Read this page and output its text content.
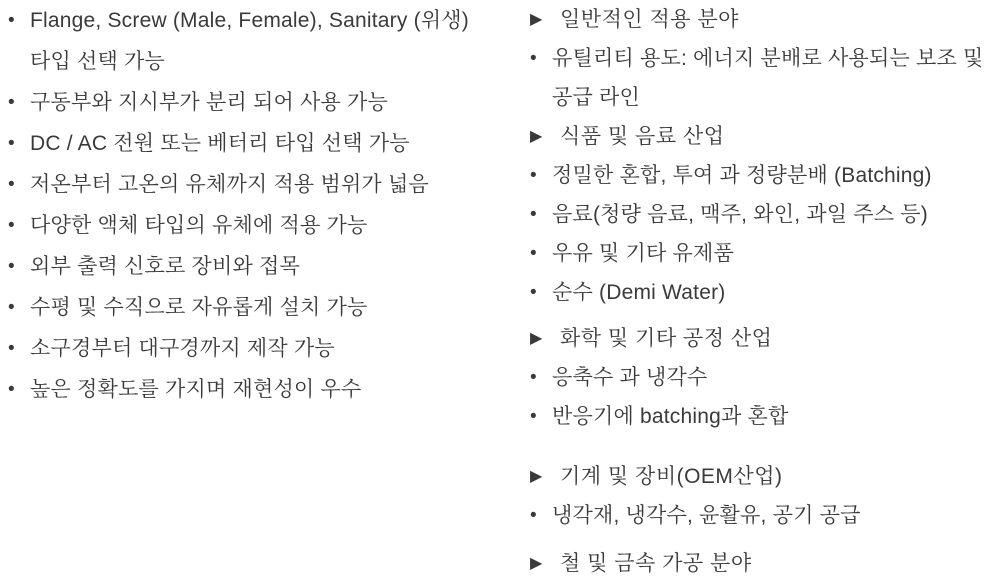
• Flange, Screw (Male, Female), Sanitary (위생)
타입 선택 가능
• 구동부와 지시부가 분리 되어 사용 가능
• DC / AC 전원 또는 베터리 타입 선택 가능
• 저온부터 고온의 유체까지 적용 범위가 넓음
• 다양한 액체 타입의 유체에 적용 가능
• 외부 출력 신호로 장비와 접목
• 수평 및 수직으로 자유롭게 설치 가능
• 소구경부터 대구경까지 제작 가능
• 높은 정확도를 가지며 재현성이 우수
▶ 일반적인 적용 분야
• 유틸리티 용도: 에너지 분배로 사용되는 보조 및
공급 라인
▶ 식품 및 음료 산업
• 정밀한 혼합, 투여 과 정량분배 (Batching)
• 음료(청량 음료, 맥주, 와인, 과일 주스 등)
• 우유 및 기타 유제품
• 순수 (Demi Water)
▶ 화학 및 기타 공정 산업
• 응축수 과 냉각수
• 반응기에 batching과 혼합
▶ 기계 및 장비(OEM산업)
• 냉각재, 냉각수, 윤활유, 공기 공급
▶ 철 및 금속 가공 분야
